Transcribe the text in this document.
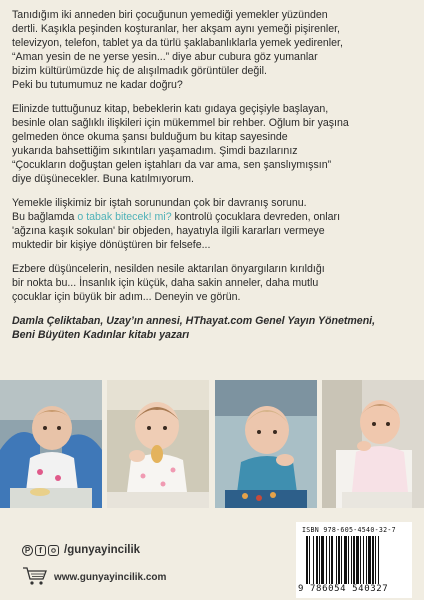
Tanıdığım iki anneden biri çocuğunun yemediği yemekler yüzünden
dertli. Kaşıkla peşinden koşturanlar, her akşam aynı yemeği pişirenler,
televizyon, telefon, tablet ya da türlü şaklabanlıklarla yemek yedirenler,
“Aman yesin de ne yerse yesin...” diye abur cubura göz yumanlar
bizim kültürümüzde hiç de alışılmadık görüntüler değil.
Peki bu tutumumuz ne kadar doğru?

Elinizde tuttuğunuz kitap, bebeklerin katı gıdaya geçişiyle başlayan,
besinle olan sağlıklı ilişkileri için mükemmel bir rehber. Oğlum bir yaşına
gelmeden önce okuma şansı bulduğum bu kitap sayesinde
yukarıda bahsettiğim sıkıntıları yaşamadım. Şimdi bazılarınız
“Çocukların doğuştan gelen iştahları da var ama, sen şanslıymışsın”
diye düşünecekler. Buna katılmıyorum.

Yemekle ilişkimiz bir iştah sorunundan çok bir davranış sorunu.
Bu bağlamda o tabak bitecek! mi? kontrolü çocuklara devreden, onları
'ağzına kaşık sokulan' bir objeden, hayatıyla ilgili kararları vermeye
muktedir bir kişiye dönüştüren bir felsefe...

Ezbere düşüncelerin, nesilden nesile aktarılan önyargıların kırıldığı
bir nokta bu... İnsanlık için küçük, daha sakin anneler, daha mutlu
çocuklar için büyük bir adım... Deneyin ve görün.

Damla Çeliktaban, Uzay’ın annesi, HThayat.com Genel Yayın Yönetmeni,
Beni Büyüten Kadınlar kitabı yazarı
P	f	/gunyayincilik
www.gunyayincilik.com
ISBN 978-605-4540-32-7
9 786054 540327
